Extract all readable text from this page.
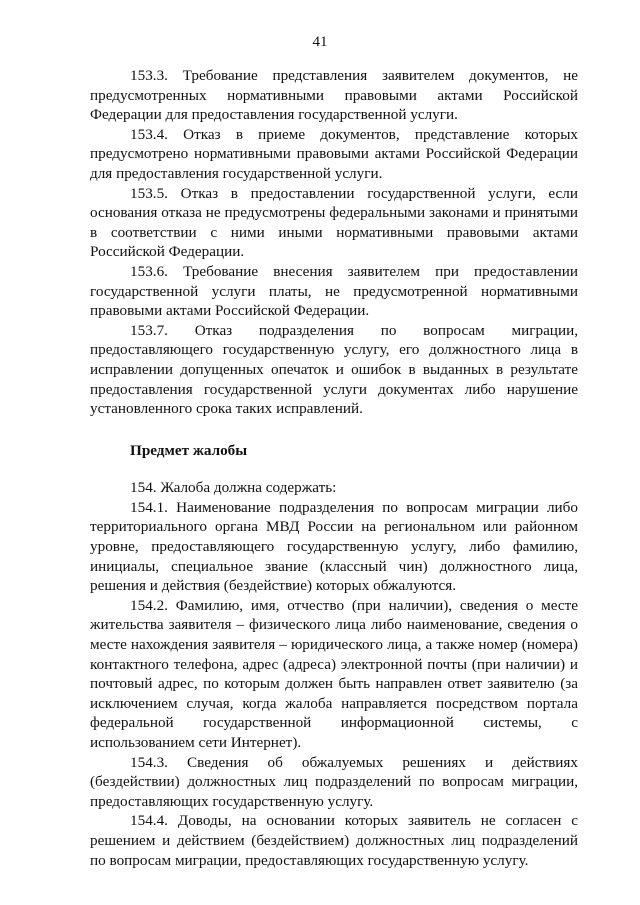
41

153.3. Требование представления заявителем документов, не предусмотренных нормативными правовыми актами Российской Федерации для предоставления государственной услуги.

153.4. Отказ в приеме документов, представление которых предусмотрено нормативными правовыми актами Российской Федерации для предоставления государственной услуги.

153.5. Отказ в предоставлении государственной услуги, если основания отказа не предусмотрены федеральными законами и принятыми в соответствии с ними иными нормативными правовыми актами Российской Федерации.

153.6. Требование внесения заявителем при предоставлении государственной услуги платы, не предусмотренной нормативными правовыми актами Российской Федерации.

153.7. Отказ подразделения по вопросам миграции, предоставляющего государственную услугу, его должностного лица в исправлении допущенных опечаток и ошибок в выданных в результате предоставления государственной услуги документах либо нарушение установленного срока таких исправлений.

Предмет жалобы

154. Жалоба должна содержать:

154.1. Наименование подразделения по вопросам миграции либо территориального органа МВД России на региональном или районном уровне, предоставляющего государственную услугу, либо фамилию, инициалы, специальное звание (классный чин) должностного лица, решения и действия (бездействие) которых обжалуются.

154.2. Фамилию, имя, отчество (при наличии), сведения о месте жительства заявителя – физического лица либо наименование, сведения о месте нахождения заявителя – юридического лица, а также номер (номера) контактного телефона, адрес (адреса) электронной почты (при наличии) и почтовый адрес, по которым должен быть направлен ответ заявителю (за исключением случая, когда жалоба направляется посредством портала федеральной государственной информационной системы, с использованием сети Интернет).

154.3. Сведения об обжалуемых решениях и действиях (бездействии) должностных лиц подразделений по вопросам миграции, предоставляющих государственную услугу.

154.4. Доводы, на основании которых заявитель не согласен с решением и действием (бездействием) должностных лиц подразделений по вопросам миграции, предоставляющих государственную услугу.
